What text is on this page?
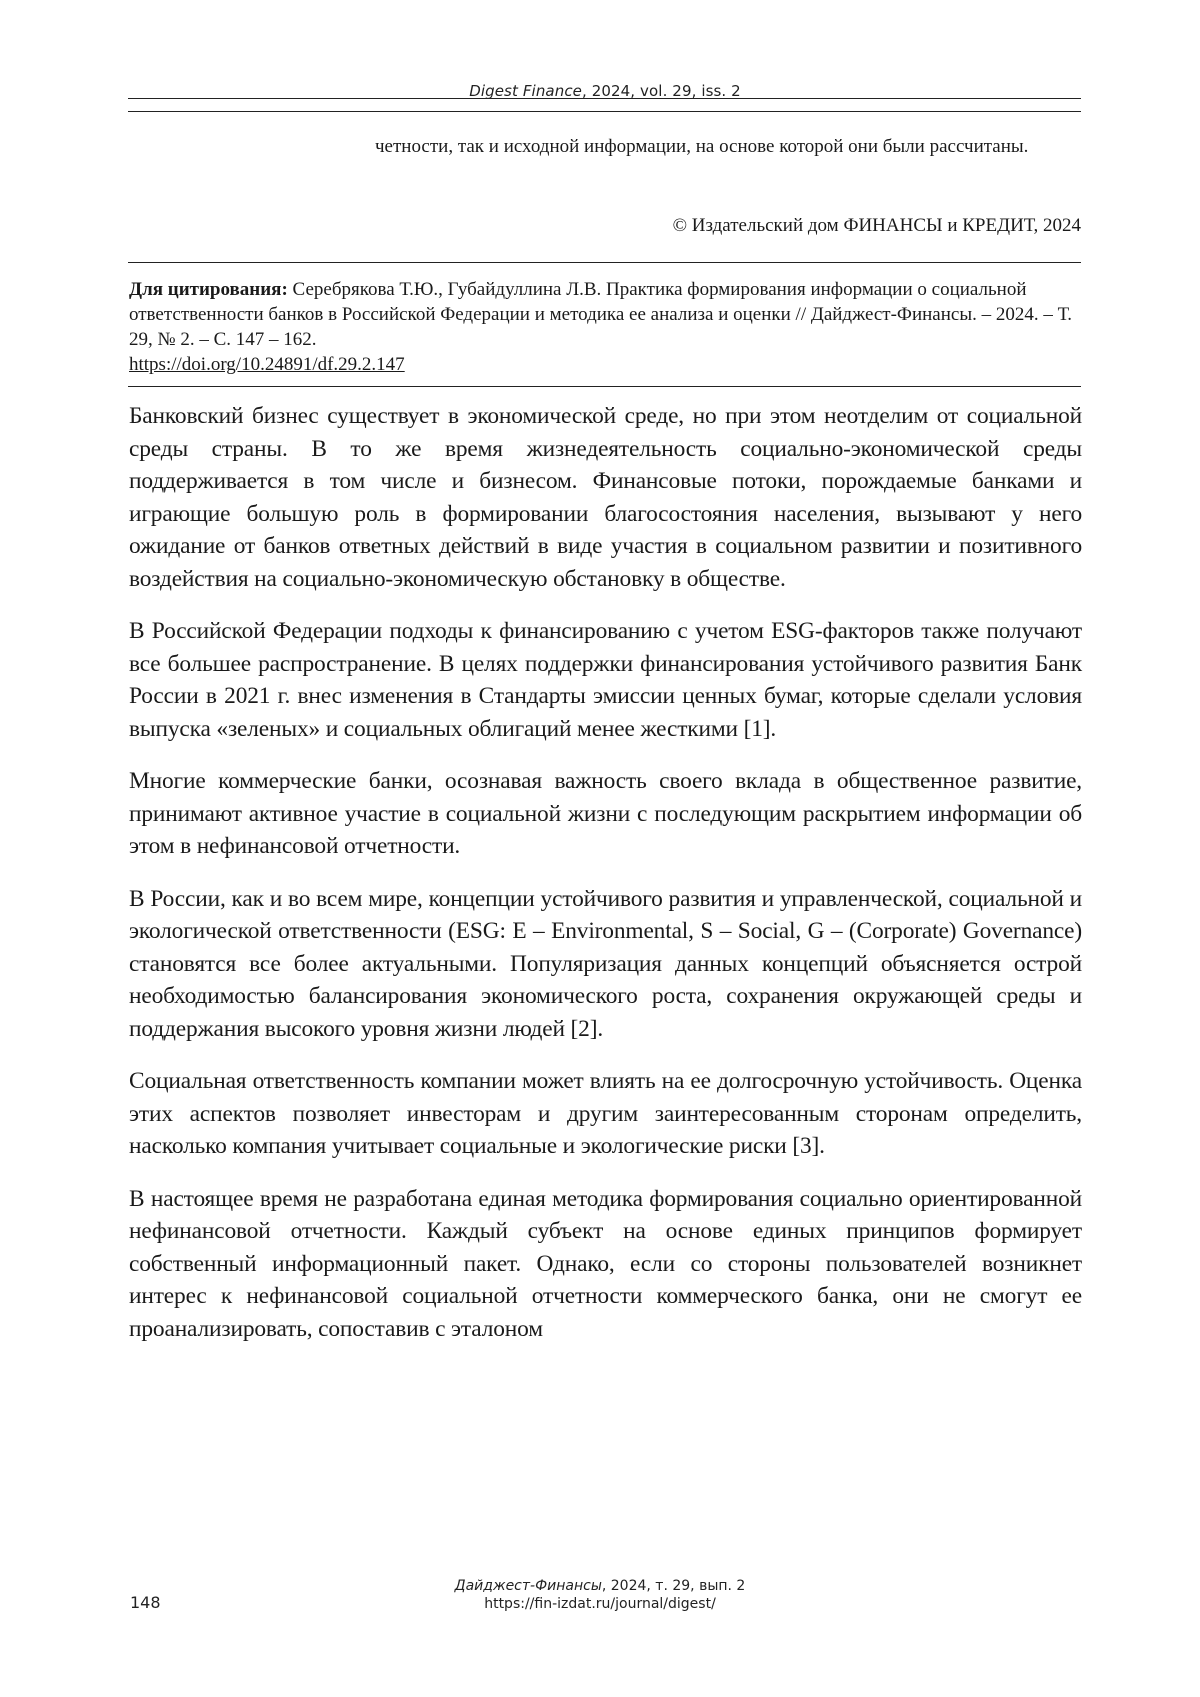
Digest Finance, 2024, vol. 29, iss. 2
четности, так и исходной информации, на основе которой они были рассчитаны.
© Издательский дом ФИНАНСЫ и КРЕДИТ, 2024
Для цитирования: Серебрякова Т.Ю., Губайдуллина Л.В. Практика формирования информации о социальной ответственности банков в Российской Федерации и методика ее анализа и оценки // Дайджест-Финансы. – 2024. – Т. 29, № 2. – С. 147 – 162.
https://doi.org/10.24891/df.29.2.147

Банковский бизнес существует в экономической среде, но при этом неотделим от социальной среды страны. В то же время жизнедеятельность социально-экономической среды поддерживается в том числе и бизнесом. Финансовые потоки, порождаемые банками и играющие большую роль в формировании благосостояния населения, вызывают у него ожидание от банков ответных действий в виде участия в социальном развитии и позитивного воздействия на социально-экономическую обстановку в обществе.

В Российской Федерации подходы к финансированию с учетом ESG-факторов также получают все большее распространение. В целях поддержки финансирования устойчивого развития Банк России в 2021 г. внес изменения в Стандарты эмиссии ценных бумаг, которые сделали условия выпуска «зеленых» и социальных облигаций менее жесткими [1].

Многие коммерческие банки, осознавая важность своего вклада в общественное развитие, принимают активное участие в социальной жизни с последующим раскрытием информации об этом в нефинансовой отчетности.

В России, как и во всем мире, концепции устойчивого развития и управленческой, социальной и экологической ответственности (ESG: E – Environmental, S – Social, G – (Corporate) Governance) становятся все более актуальными. Популяризация данных концепций объясняется острой необходимостью балансирования экономического роста, сохранения окружающей среды и поддержания высокого уровня жизни людей [2].

Социальная ответственность компании может влиять на ее долгосрочную устойчивость. Оценка этих аспектов позволяет инвесторам и другим заинтересованным сторонам определить, насколько компания учитывает социальные и экологические риски [3].

В настоящее время не разработана единая методика формирования социально ориентированной нефинансовой отчетности. Каждый субъект на основе единых принципов формирует собственный информационный пакет. Однако, если со стороны пользователей возникнет интерес к нефинансовой социальной отчетности коммерческого банка, они не смогут ее проанализировать, сопоставив с эталоном

148
Дайджест-Финансы, 2024, т. 29, вып. 2
https://fin-izdat.ru/journal/digest/
